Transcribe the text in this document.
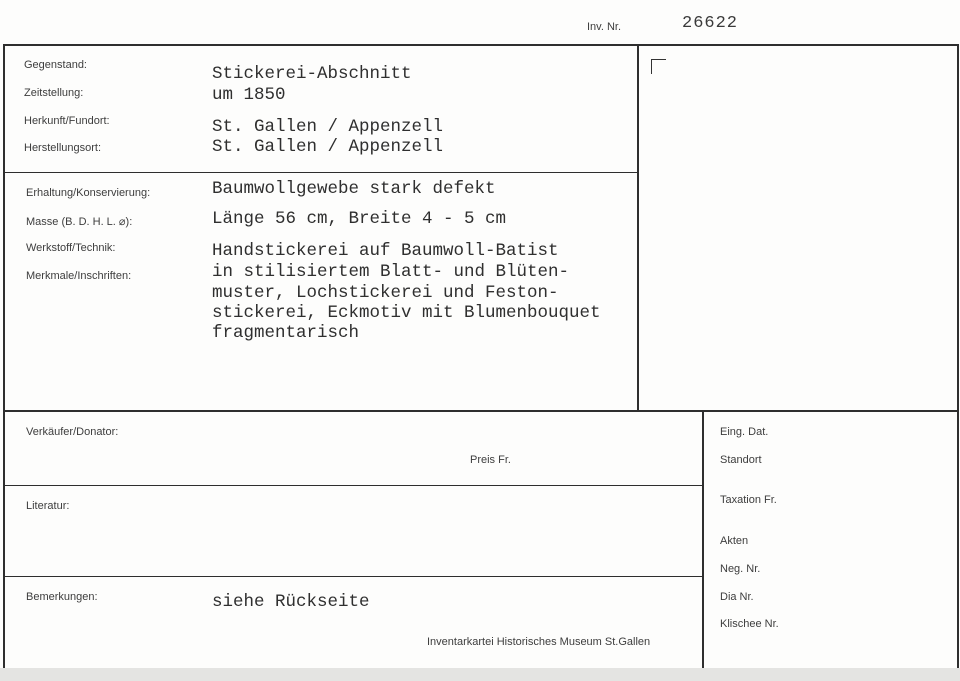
Inv. Nr.	26622
Gegenstand:
Zeitstellung:
Herkunft/Fundort:
Herstellungsort:
Stickerei-Abschnitt
um 1850
St. Gallen / Appenzell
St. Gallen / Appenzell
Erhaltung/Konservierung:
Masse (B. D. H. L. ⌀):
Werkstoff/Technik:
Merkmale/Inschriften:
Baumwollgewebe stark defekt
Länge 56 cm, Breite 4 - 5 cm
Handstickerei auf Baumwoll-Batist
in stilisiertem Blatt- und Blüten-
muster, Lochstickerei und Feston-
stickerei, Eckmotiv mit Blumenbouquet
fragmentarisch
Verkäufer/Donator:
Preis Fr.
Literatur:
Bemerkungen:	siehe Rückseite
Inventarkartei Historisches Museum St.Gallen
Eing. Dat.
Standort
Taxation Fr.
Akten
Neg. Nr.
Dia Nr.
Klischee Nr.
